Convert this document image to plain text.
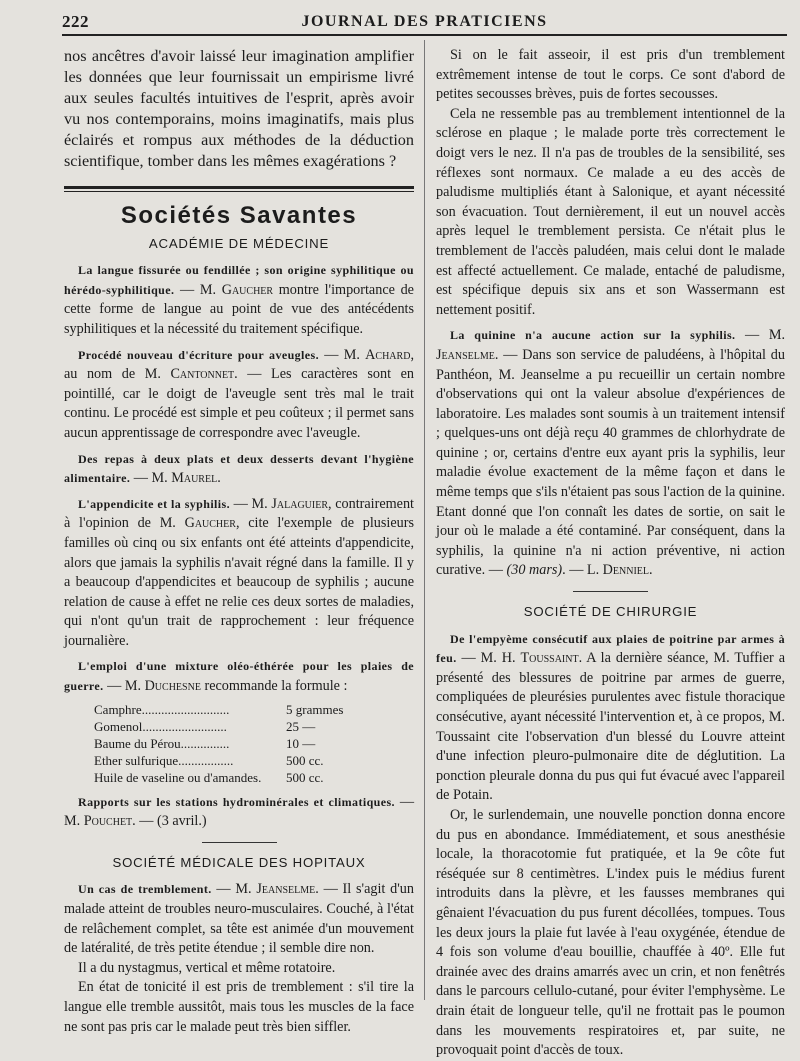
222	JOURNAL DES PRATICIENS

nos ancêtres d'avoir laissé leur imagination amplifier les données que leur fournissait un empirisme livré aux seules facultés intuitives de l'esprit, après avoir vu nos contemporains, moins imaginatifs, mais plus éclairés et rompus aux méthodes de la déduction scientifique, tomber dans les mêmes exagérations ?

Sociétés Savantes
ACADÉMIE DE MÉDECINE

La langue fissurée ou fendillée ; son origine syphilitique ou hérédo-syphilitique. — M. Gaucher montre l'importance de cette forme de langue au point de vue des antécédents syphilitiques et la nécessité du traitement spécifique.

Procédé nouveau d'écriture pour aveugles. — M. Achard, au nom de M. Cantonnet. — Les caractères sont en pointillé, car le doigt de l'aveugle sent très mal le trait continu. Le procédé est simple et peu coûteux ; il permet sans aucun apprentissage de correspondre avec l'aveugle.

Des repas à deux plats et deux desserts devant l'hygiène alimentaire. — M. Maurel.

L'appendicite et la syphilis. — M. Jalaguier, contrairement à l'opinion de M. Gaucher, cite l'exemple de plusieurs familles où cinq ou six enfants ont été atteints d'appendicite, alors que jamais la syphilis n'avait régné dans la famille. Il y a beaucoup d'appendicites et beaucoup de syphilis ; aucune relation de cause à effet ne relie ces deux sortes de maladies, qui n'ont qu'un trait de rapprochement : leur fréquence journalière.

L'emploi d'une mixture oléo-éthérée pour les plaies de guerre. — M. Duchesne recommande la formule :

Camphre...........................	5 grammes
Gomenol..........................	25 —
Baume du Pérou...............	10 —
Ether sulfurique.................	500 cc.
Huile de vaseline ou d'amandes.	500 cc.

Rapports sur les stations hydrominérales et climatiques. — M. Pouchet. — (3 avril.)

SOCIÉTÉ MÉDICALE DES HOPITAUX

Un cas de tremblement. — M. Jeanselme. — Il s'agit d'un malade atteint de troubles neuro-musculaires. Couché, à l'état de relâchement complet, sa tête est animée d'un mouvement de latéralité, de très petite étendue ; il semble dire non.

Il a du nystagmus, vertical et même rotatoire.

En état de tonicité il est pris de tremblement : s'il tire la langue elle tremble aussitôt, mais tous les muscles de la face ne sont pas pris car le malade peut très bien siffler.

Si on le fait asseoir, il est pris d'un tremblement extrêmement intense de tout le corps. Ce sont d'abord de petites secousses brèves, puis de fortes secousses.

Cela ne ressemble pas au tremblement intentionnel de la sclérose en plaque ; le malade porte très correctement le doigt vers le nez. Il n'a pas de troubles de la sensibilité, ses réflexes sont normaux. Ce malade a eu des accès de paludisme multipliés étant à Salonique, et ayant nécessité son évacuation. Tout dernièrement, il eut un nouvel accès après lequel le tremblement persista. Ce n'était plus le tremblement de l'accès paludéen, mais celui dont le malade est affecté actuellement. Ce malade, entaché de paludisme, est spécifique depuis six ans et son Wassermann est nettement positif.

La quinine n'a aucune action sur la syphilis. — M. Jeanselme. — Dans son service de paludéens, à l'hôpital du Panthéon, M. Jeanselme a pu recueillir un certain nombre d'observations qui ont la valeur absolue d'expériences de laboratoire. Les malades sont soumis à un traitement intensif ; quelques-uns ont déjà reçu 40 grammes de chlorhydrate de quinine ; or, certains d'entre eux ayant pris la syphilis, leur maladie évolue exactement de la même façon et dans le même temps que s'ils n'étaient pas sous l'action de la quinine. Etant donné que l'on connaît les dates de sortie, on sait le jour où le malade a été contaminé. Par conséquent, dans la syphilis, la quinine n'a ni action préventive, ni action curative. — (30 mars). — L. Denniel.

SOCIÉTÉ DE CHIRURGIE

De l'empyème consécutif aux plaies de poitrine par armes à feu. — M. H. Toussaint. A la dernière séance, M. Tuffier a présenté des blessures de poitrine par armes de guerre, compliquées de pleurésies purulentes avec fistule thoracique consécutive, ayant nécessité l'intervention et, à ce propos, M. Toussaint cite l'observation d'un blessé du Louvre atteint d'une infection pleuro-pulmonaire dite de déglutition. La ponction pleurale donna du pus qui fut évacué avec l'appareil de Potain.

Or, le surlendemain, une nouvelle ponction donna encore du pus en abondance. Immédiatement, et sous anesthésie locale, la thoracotomie fut pratiquée, et la 9e côte fut réséquée sur 8 centimètres. L'index puis le médius furent introduits dans la plèvre, et les fausses membranes qui gênaient l'évacuation du pus furent décollées, tompues. Tous les deux jours la plaie fut lavée à l'eau oxygénée, étendue de 4 fois son volume d'eau bouillie, chauffée à 40º. Elle fut drainée avec des drains amarrés avec un crin, et non fenêtrés dans le parcours cellulo-cutané, pour éviter l'emphysème. Le drain était de longueur telle, qu'il ne frottait pas le poumon dans les mouvements respiratoires et, par suite, ne provoquait point d'accès de toux.
